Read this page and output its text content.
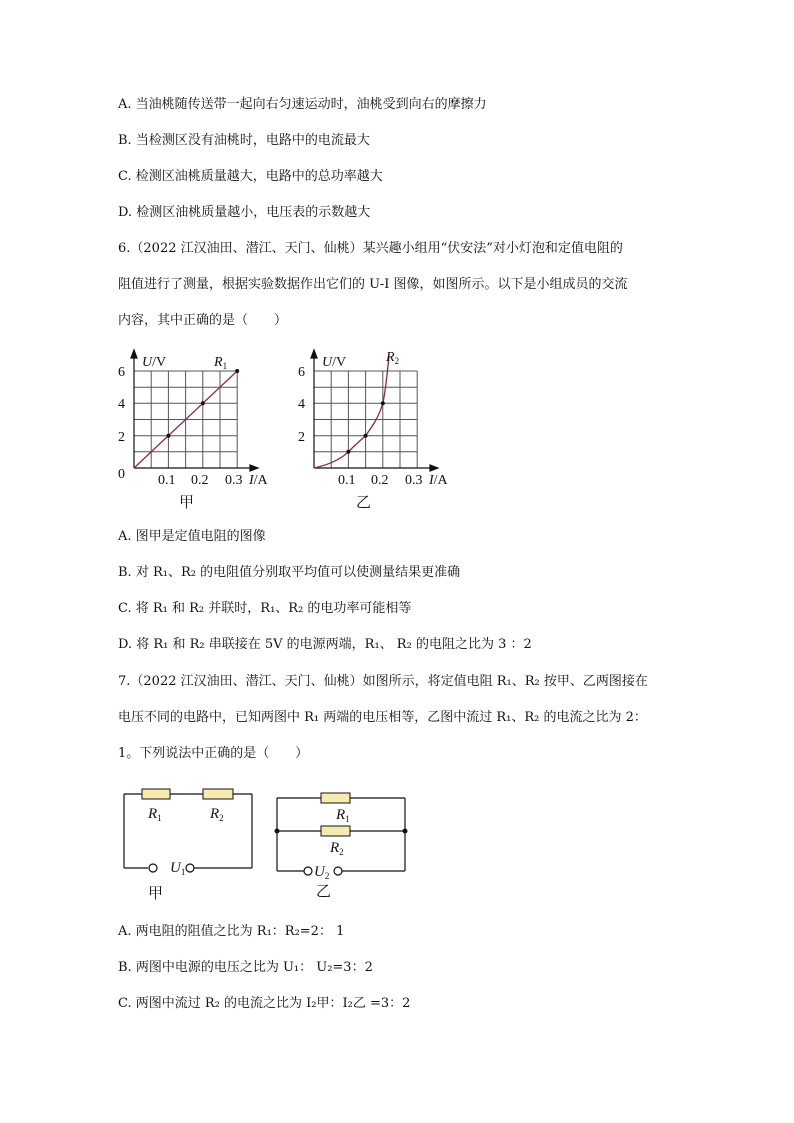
A. 当油桃随传送带一起向右匀速运动时，油桃受到向右的摩擦力
B. 当检测区没有油桃时，电路中的电流最大
C. 检测区油桃质量越大，电路中的总功率越大
D. 检测区油桃质量越小，电压表的示数越大
6.（2022 江汉油田、潜江、天门、仙桃）某兴趣小组用“伏安法”对小灯泡和定值电阻的
阻值进行了测量，根据实验数据作出它们的 U-I 图像，如图所示。以下是小组成员的交流
内容，其中正确的是（　　）
U/V	$R_1$
6
4
2
0 0.1 0.2 0.3 I/A
甲
U/V	$R_2$
6
4
2
0.1 0.2 0.3 I/A
乙
A. 图甲是定值电阻的图像
B. 对 R₁、R₂ 的电阻值分别取平均值可以使测量结果更准确
C. 将 R₁ 和 R₂ 并联时，R₁、R₂ 的电功率可能相等
D. 将 R₁ 和 R₂ 串联接在 5V 的电源两端，R₁、 R₂ 的电阻之比为 3 ：2
7.（2022 江汉油田、潜江、天门、仙桃）如图所示，将定值电阻 R₁、R₂ 按甲、乙两图接在
电压不同的电路中，已知两图中 R₁ 两端的电压相等，乙图中流过 R₁、R₂ 的电流之比为 2：
1。下列说法中正确的是（　　）
$R_1$	$R_2$
$U_1$
甲
$R_1$
$R_2$
$U_2$
乙
A. 两电阻的阻值之比为 R₁：R₂=2： 1
B. 两图中电源的电压之比为 U₁： U₂=3：2
C. 两图中流过 R₂ 的电流之比为 I₂甲：I₂乙 =3：2
